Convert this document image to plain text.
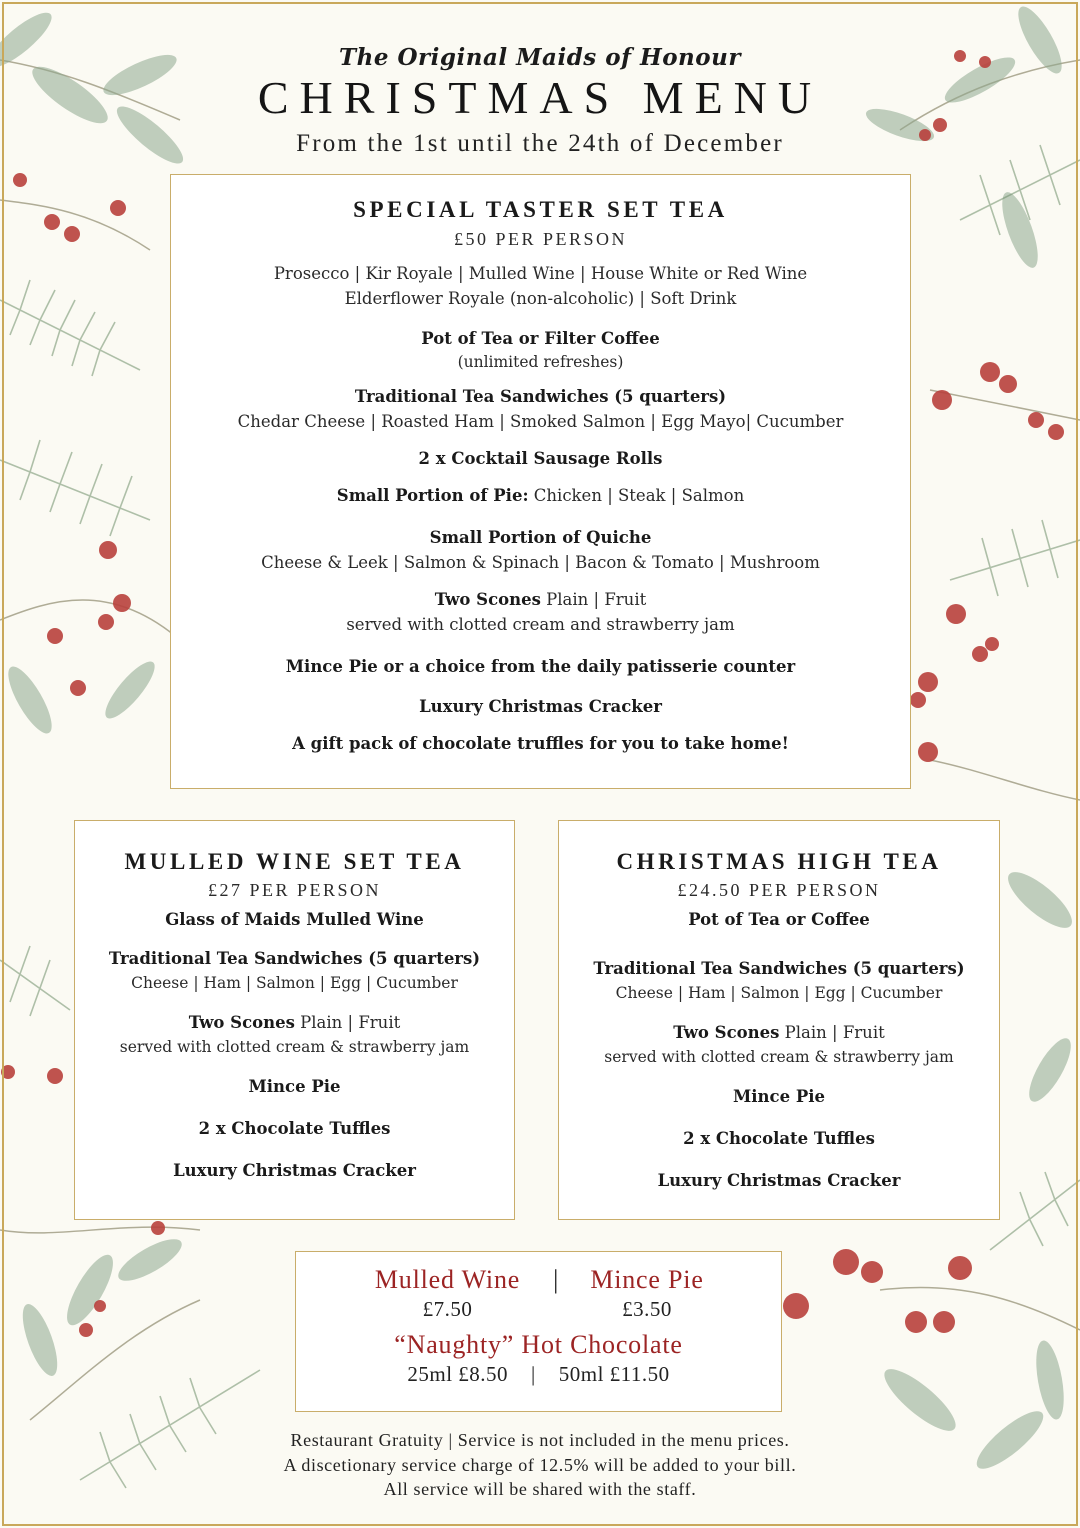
The Original Maids of Honour
CHRISTMAS MENU
From the 1st until the 24th of December
SPECIAL TASTER SET TEA
£50 PER PERSON
Prosecco | Kir Royale | Mulled Wine | House White or Red Wine
Elderflower Royale (non-alcoholic) | Soft Drink
Pot of Tea or Filter Coffee
(unlimited refreshes)
Traditional Tea Sandwiches (5 quarters)
Chedar Cheese | Roasted Ham | Smoked Salmon | Egg Mayo| Cucumber
2 x Cocktail Sausage Rolls
Small Portion of Pie: Chicken | Steak | Salmon
Small Portion of Quiche
Cheese & Leek | Salmon & Spinach | Bacon & Tomato | Mushroom
Two Scones Plain | Fruit
served with clotted cream and strawberry jam
Mince Pie or a choice from the daily patisserie counter
Luxury Christmas Cracker
A gift pack of chocolate truffles for you to take home!
MULLED WINE SET TEA
£27 PER PERSON
Glass of Maids Mulled Wine
Traditional Tea Sandwiches (5 quarters)
Cheese | Ham | Salmon | Egg | Cucumber
Two Scones Plain | Fruit
served with clotted cream & strawberry jam
Mince Pie
2 x Chocolate Tuffles
Luxury Christmas Cracker
CHRISTMAS HIGH TEA
£24.50 PER PERSON
Pot of Tea or Coffee
Traditional Tea Sandwiches (5 quarters)
Cheese | Ham | Salmon | Egg | Cucumber
Two Scones Plain | Fruit
served with clotted cream & strawberry jam
Mince Pie
2 x Chocolate Tuffles
Luxury Christmas Cracker
Mulled Wine
£7.50
|	Mince Pie
£3.50
“Naughty” Hot Chocolate
25ml £8.50    |    50ml £11.50
Restaurant Gratuity | Service is not included in the menu prices.
A discetionary service charge of 12.5% will be added to your bill.
All service will be shared with the staff.
